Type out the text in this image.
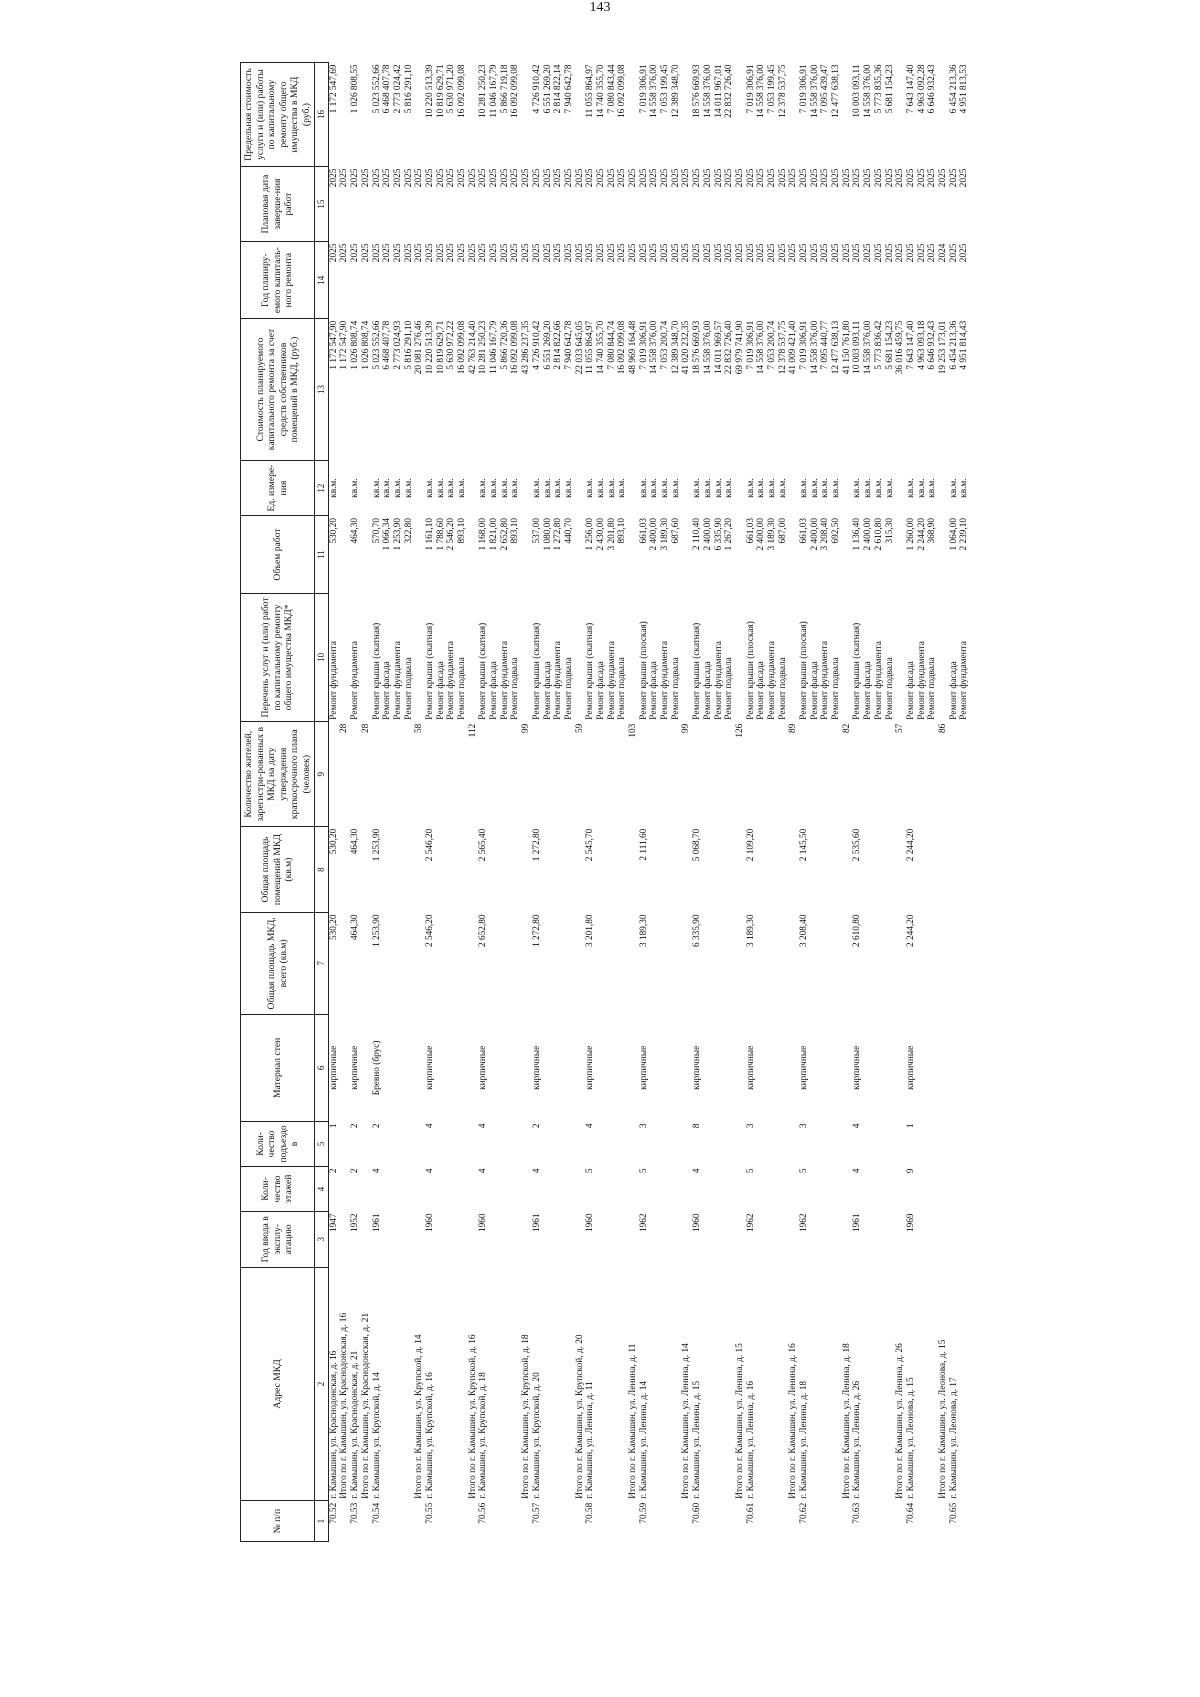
143
№ п/п	Адрес МКД	Год ввода в эксплу-атацию	Коли-чество этажей	Коли-чество подъездо в	Материал стен	Общая площадь МКД, всего (кв.м)	Общая площадь помещений МКД (кв.м)	Количество жителей, зарегистри-рованных в МКД на дату утверждения краткосрочного плана (человек)	Перечень услуг и (или) работ по капитальному ремонту общего имущества МКД*	Объем работ	Ед. измере-ния	Стоимость планируемого капитального ремонта за счет средств собственников помещений в МКД, (руб.)	Год планиру-емого капиталь-ного ремонта	Плановая дата заверше-ния работ	Предельная стоимость услуги и (или) работы по капитальному ремонту общего имущества в МКД (руб.)
1	2	3	4	5	6	7	8	9	10	11	12	13	14	15	16
70.52	г. Камышин, ул. Краснодонская, д. 16	1947	2	1	кирпичные	530,20	530,20		Ремонт фундамента	530,20	кв.м.	1 172 547,90	2025	2025	1 172 547,69
	Итого по г. Камышин, ул. Краснодонская, д. 16							28				1 172 547,90	2025	2025	
70.53	г. Камышин, ул. Краснодонская, д. 21	1952	2	2	кирпичные	464,30	464,30		Ремонт фундамента	464,30	кв.м.	1 026 808,74	2025	2025	1 026 808,55
	Итого по г. Камышин, ул. Краснодонская, д. 21							28				1 026 808,74	2025	2025	
70.54	г. Камышин, ул. Крупской, д. 14	1961	4	2	Бревно (брус)	1 253,90	1 253,90		Ремонт крыши (скатная)	570,70	кв.м.	5 023 552,66	2025	2025	5 023 552,66
									Ремонт фасада	1 066,34	кв.м.	6 468 407,78	2025	2025	6 468 407,78
									Ремонт фундамента	1 253,90	кв.м.	2 773 024,93	2025	2025	2 773 024,42
									Ремонт подвала	322,80	кв.м.	5 816 291,10	2025	2025	5 816 291,10
	Итого по г. Камышин, ул. Крупской, д. 14							58				20 081 276,46	2025	2025	
70.55	г. Камышин, ул. Крупской, д. 16	1960	4	4	кирпичные	2 546,20	2 546,20		Ремонт крыши (скатная)	1 161,10	кв.м.	10 220 513,39	2025	2025	10 220 513,39
									Ремонт фасада	1 788,60	кв.м.	10 819 629,71	2025	2025	10 819 629,71
									Ремонт фундамента	2 546,20	кв.м.	5 630 972,22	2025	2025	5 630 971,20
									Ремонт подвала	893,10	кв.м.	16 092 099,08	2025	2025	16 092 099,08
	Итого по г. Камышин, ул. Крупской, д. 16							112				42 763 214,40	2025	2025	
70.56	г. Камышин, ул. Крупской, д. 18	1960	4	4	кирпичные	2 652,80	2 565,40		Ремонт крыши (скатная)	1 168,00	кв.м.	10 281 250,23	2025	2025	10 281 250,23
									Ремонт фасада	1 821,00	кв.м.	11 046 167,79	2025	2025	11 046 167,79
									Ремонт фундамента	2 652,80	кв.м.	5 866 720,36	2025	2025	5 866 719,18
									Ремонт подвала	893,10	кв.м.	16 092 099,08	2025	2025	16 092 099,08
	Итого по г. Камышин, ул. Крупской, д. 18							99				43 286 237,35	2025	2025	
70.57	г. Камышин, ул. Крупской, д. 20	1961	4	2	кирпичные	1 272,80	1 272,80		Ремонт крыши (скатная)	537,00	кв.м.	4 726 910,42	2025	2025	4 726 910,42
									Ремонт фасада	1 080,00	кв.м.	6 551 269,20	2025	2025	6 551 269,20
									Ремонт фундамента	1 272,80	кв.м.	2 814 822,66	2025	2025	2 814 822,14
									Ремонт подвала	440,70	кв.м.	7 940 642,78	2025	2025	7 940 642,78
	Итого по г. Камышин, ул. Крупской, д. 20							59				22 033 645,05	2025	2025	
70.58	г. Камышин, ул. Ленина, д. 11	1960	5	4	кирпичные	3 201,80	2 545,70		Ремонт крыши (скатная)	1 256,00	кв.м.	11 055 864,97	2025	2025	11 055 864,97
									Ремонт фасада	2 430,00	кв.м.	14 740 355,70	2025	2025	14 740 355,70
									Ремонт фундамента	3 201,80	кв.м.	7 080 844,74	2025	2025	7 080 843,44
									Ремонт подвала	893,10	кв.м.	16 092 099,08	2025	2025	16 092 099,08
	Итого по г. Камышин, ул. Ленина, д. 11							103				48 969 164,48	2025	2025	
70.59	г. Камышин, ул. Ленина, д. 14	1962	5	3	кирпичные	3 189,30	2 111,60		Ремонт крыши (плоская)	661,03	кв.м.	7 019 306,91	2025	2025	7 019 306,91
									Ремонт фасада	2 400,00	кв.м.	14 558 376,00	2025	2025	14 558 376,00
									Ремонт фундамента	3 189,30	кв.м.	7 053 200,74	2025	2025	7 053 199,45
									Ремонт подвала	687,60	кв.м.	12 389 348,70	2025	2025	12 389 348,70
	Итого по г. Камышин, ул. Ленина, д. 14							99				41 020 232,35	2025	2025	
70.60	г. Камышин, ул. Ленина, д. 15	1960	4	8	кирпичные	6 335,90	5 068,70		Ремонт крыши (скатная)	2 110,40	кв.м.	18 576 669,93	2025	2025	18 576 669,93
									Ремонт фасада	2 400,00	кв.м.	14 558 376,00	2025	2025	14 558 376,00
									Ремонт фундамента	6 335,90	кв.м.	14 011 969,57	2025	2025	14 011 967,01
									Ремонт подвала	1 267,20	кв.м.	22 832 726,40	2025	2025	22 832 726,40
	Итого по г. Камышин, ул. Ленина, д. 15							126				69 979 741,90	2025	2025	
70.61	г. Камышин, ул. Ленина, д. 16	1962	5	3	кирпичные	3 189,30	2 109,20		Ремонт крыши (плоская)	661,03	кв.м.	7 019 306,91	2025	2025	7 019 306,91
									Ремонт фасада	2 400,00	кв.м.	14 558 376,00	2025	2025	14 558 376,00
									Ремонт фундамента	3 189,30	кв.м.	7 053 200,74	2025	2025	7 053 199,45
									Ремонт подвала	687,00	кв.м.	12 378 537,75	2025	2025	12 378 537,75
	Итого по г. Камышин, ул. Ленина, д. 16							89				41 009 421,40	2025	2025	
70.62	г. Камышин, ул. Ленина, д. 18	1962	5	3	кирпичные	3 208,40	2 145,50		Ремонт крыши (плоская)	661,03	кв.м.	7 019 306,91	2025	2025	7 019 306,91
									Ремонт фасада	2 400,00	кв.м.	14 558 376,00	2025	2025	14 558 376,00
									Ремонт фундамента	3 208,40	кв.м.	7 095 440,77	2025	2025	7 095 439,47
									Ремонт подвала	692,50	кв.м.	12 477 638,13	2025	2025	12 477 638,13
	Итого по г. Камышин, ул. Ленина, д. 18							82				41 150 761,80	2025	2025	
70.63	г. Камышин, ул. Ленина, д. 26	1961	4	4	кирпичные	2 610,80	2 535,60		Ремонт крыши (скатная)	1 136,40	кв.м.	10 003 093,11	2025	2025	10 003 093,11
									Ремонт фасада	2 400,00	кв.м.	14 558 376,00	2025	2025	14 558 376,00
									Ремонт фундамента	2 610,80	кв.м.	5 773 836,42	2025	2025	5 773 835,36
									Ремонт подвала	315,30	кв.м.	5 681 154,23	2025	2025	5 681 154,23
	Итого по г. Камышин, ул. Ленина, д. 26							57				36 016 459,75	2025	2025	
70.64	г. Камышин, ул. Леонова, д. 15	1969	9	1	кирпичные	2 244,20	2 244,20		Ремонт фасада	1 260,00	кв.м.	7 643 147,40	2025	2025	7 643 147,40
									Ремонт фундамента	2 244,20	кв.м.	4 963 093,18	2025	2025	4 963 092,28
									Ремонт подвала	368,90	кв.м.	6 646 932,43	2025	2025	6 646 932,43
	Итого по г. Камышин, ул. Леонова, д. 15							86				19 253 173,01	2024	2025	
70.65	г. Камышин, ул. Леонова, д. 17								Ремонт фасада	1 064,00	кв.м.	6 454 213,36	2025	2025	6 454 213,36
									Ремонт фундамента	2 239,10	кв.м.	4 951 814,43	2025	2025	4 951 813,53
